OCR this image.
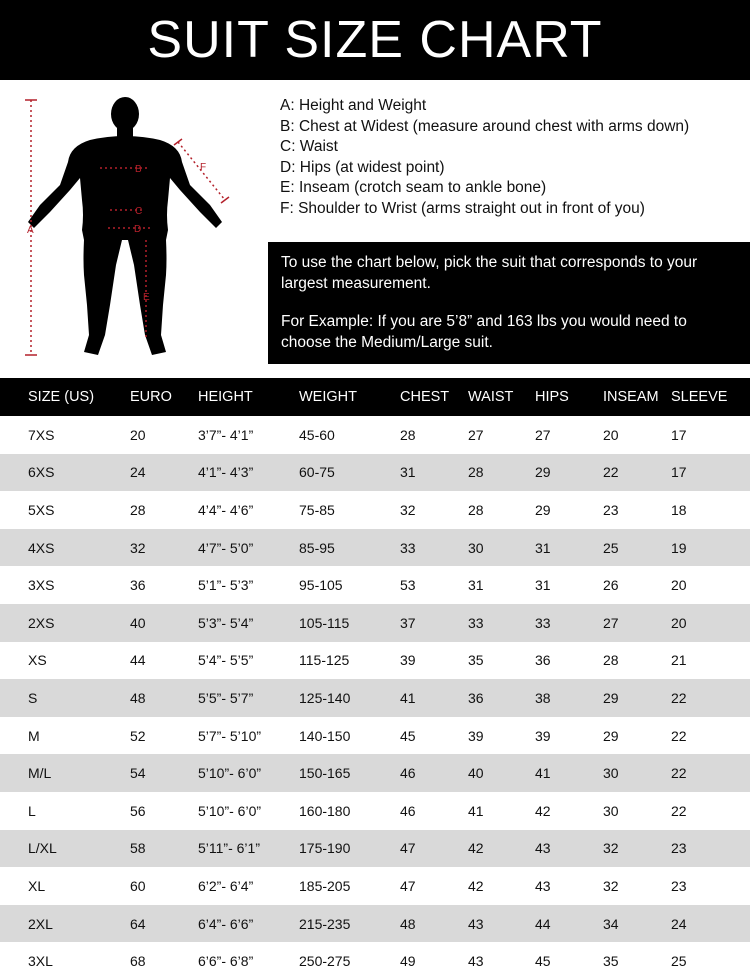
SUIT SIZE CHART
A
B
C
D
E
F
A: Height and Weight
B: Chest at Widest (measure around chest with arms down)
C: Waist
D: Hips (at widest point)
E: Inseam (crotch seam to ankle bone)
F: Shoulder to Wrist (arms straight out in front of you)

To use the chart below, pick the suit that corresponds to your largest measurement.

For Example: If you are 5’8” and 163 lbs you would need to choose the Medium/Large suit.

SIZE (US)	EURO	HEIGHT	WEIGHT	CHEST	WAIST	HIPS	INSEAM	SLEEVE
7XS	20	3’7”- 4’1”	45-60	28	27	27	20	17
6XS	24	4’1”- 4’3”	60-75	31	28	29	22	17
5XS	28	4’4”- 4’6”	75-85	32	28	29	23	18
4XS	32	4’7”- 5’0”	85-95	33	30	31	25	19
3XS	36	5’1”- 5’3”	95-105	53	31	31	26	20
2XS	40	5’3”- 5’4”	105-115	37	33	33	27	20
XS	44	5’4”- 5’5”	115-125	39	35	36	28	21
S	48	5’5”- 5’7”	125-140	41	36	38	29	22
M	52	5’7”- 5’10”	140-150	45	39	39	29	22
M/L	54	5’10”- 6’0”	150-165	46	40	41	30	22
L	56	5’10”- 6’0”	160-180	46	41	42	30	22
L/XL	58	5’11”- 6’1”	175-190	47	42	43	32	23
XL	60	6’2”- 6’4”	185-205	47	42	43	32	23
2XL	64	6’4”- 6’6”	215-235	48	43	44	34	24
3XL	68	6’6”- 6’8”	250-275	49	43	45	35	25
